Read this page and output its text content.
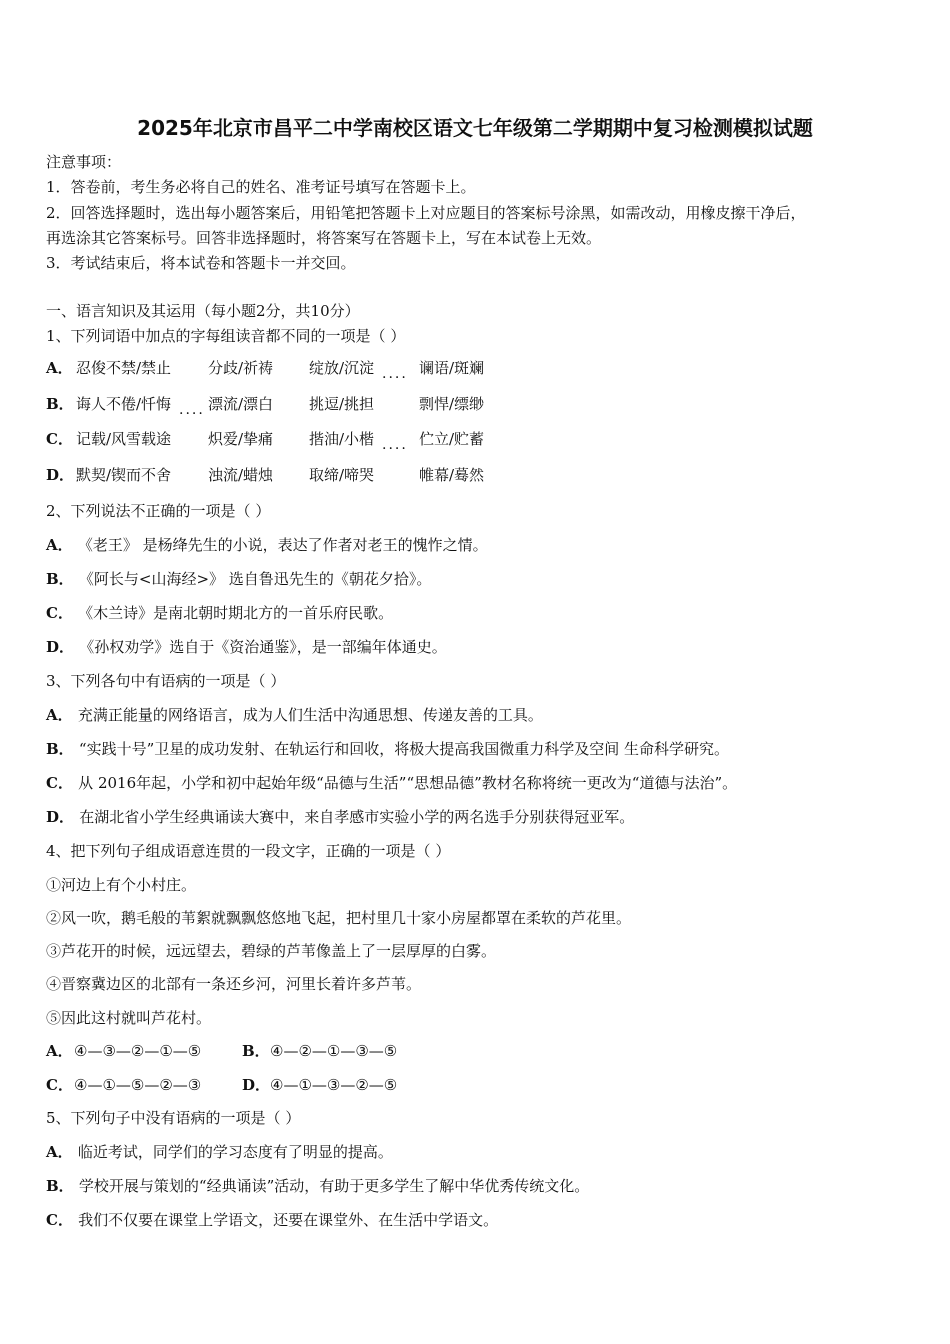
2025年北京市昌平二中学南校区语文七年级第二学期期中复习检测模拟试题
注意事项：
1．答卷前，考生务必将自己的姓名、准考证号填写在答题卡上。
2．回答选择题时，选出每小题答案后，用铅笔把答题卡上对应题目的答案标号涂黑，如需改动，用橡皮擦干净后，
再选涂其它答案标号。回答非选择题时，将答案写在答题卡上，写在本试卷上无效。
3．考试结束后，将本试卷和答题卡一并交回。
一、语言知识及其运用（每小题2分，共10分）
1、下列词语中加点的字每组读音都不同的一项是（ ）
A． 忍俊不禁/禁止 分歧/祈祷 绽放/沉淀 .... 谰语/斑斓
B． 诲人不倦/忏悔 .... 漂流/漂白 挑逗/挑担	剽悍/缥缈
C． 记载/风雪载途 炽爱/挚痛 揩油/小楷 .... 伫立/贮蓄
D． 默契/锲而不舍 浊流/蜡烛 取缔/啼哭	帷幕/蓦然
2、下列说法不正确的一项是（ ）
A． 《老王》 是杨绛先生的小说，表达了作者对老王的愧怍之情。
B． 《阿长与<山海经>》 选自鲁迅先生的《朝花夕拾》。
C． 《木兰诗》是南北朝时期北方的一首乐府民歌。
D． 《孙权劝学》选自于《资治通鉴》，是一部编年体通史。
3、下列各句中有语病的一项是（ ）
A． 充满正能量的网络语言，成为人们生活中沟通思想、传递友善的工具。
B． “实践十号”卫星的成功发射、在轨运行和回收，将极大提高我国微重力科学及空间 生命科学研究。
C． 从 2016年起，小学和初中起始年级“品德与生活”“思想品德”教材名称将统一更改为“道德与法治”。
D． 在湖北省小学生经典诵读大赛中，来自孝感市实验小学的两名选手分别获得冠亚军。
4、把下列句子组成语意连贯的一段文字，正确的一项是（ ）
①河边上有个小村庄。
②风一吹，鹅毛般的苇絮就飘飘悠悠地飞起，把村里几十家小房屋都罩在柔软的芦花里。
③芦花开的时候，远远望去，碧绿的芦苇像盖上了一层厚厚的白雾。
④晋察冀边区的北部有一条还乡河，河里长着许多芦苇。
⑤因此这村就叫芦花村。
A． ④—③—②—①—⑤	B． ④—②—①—③—⑤
C． ④—①—⑤—②—③	D． ④—①—③—②—⑤
5、下列句子中没有语病的一项是（ ）
A． 临近考试，同学们的学习态度有了明显的提高。
B． 学校开展与策划的“经典诵读”活动，有助于更多学生了解中华优秀传统文化。
C． 我们不仅要在课堂上学语文，还要在课堂外、在生活中学语文。
